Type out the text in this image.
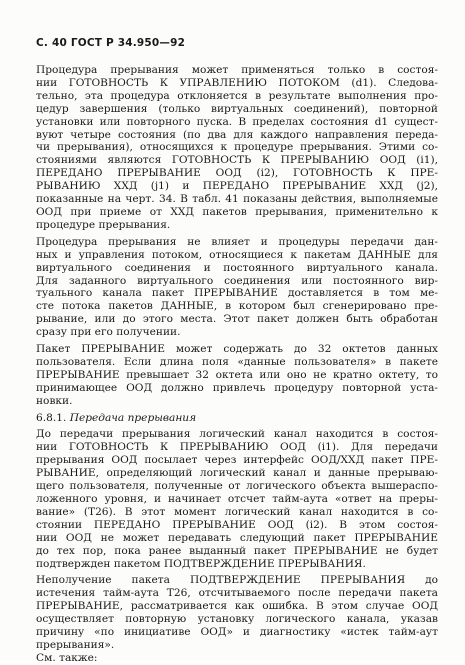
С. 40 ГОСТ Р 34.950—92

Процедура прерывания может применяться только в состоя-
нии ГОТОВНОСТЬ К УПРАВЛЕНИЮ ПОТОКОМ (d1). Следова-
тельно, эта процедура отклоняется в результате выполнения про-
цедур завершения (только виртуальных соединений), повторной
установки или повторного пуска. В пределах состояния d1 сущест-
вуют четыре состояния (по два для каждого направления переда-
чи прерывания), относящихся к процедуре прерывания. Этими со-
стояниями являются ГОТОВНОСТЬ К ПРЕРЫВАНИЮ ООД (i1),
ПЕРЕДАНО ПРЕРЫВАНИЕ ООД (i2), ГОТОВНОСТЬ К ПРЕ-
РЫВАНИЮ ХХД (j1) и ПЕРЕДАНО ПРЕРЫВАНИЕ ХХД (j2),
показанные на черт. 34. В табл. 41 показаны действия, выполняемые
ООД при приеме от ХХД пакетов прерывания, применительно к
процедуре прерывания.

Процедура прерывания не влияет и процедуры передачи дан-
ных и управления потоком, относящиеся к пакетам ДАННЫЕ для
виртуального соединения и постоянного виртуального канала.
Для заданного виртуального соединения или постоянного вир-
туального канала пакет ПРЕРЫВАНИЕ доставляется в том ме-
сте потока пакетов ДАННЫЕ, в котором был сгенерировано пре-
рывание, или до этого места. Этот пакет должен быть обработан
сразу при его получении.

Пакет ПРЕРЫВАНИЕ может содержать до 32 октетов данных
пользователя. Если длина поля «данные пользователя» в пакете
ПРЕРЫВАНИЕ превышает 32 октета или оно не кратно октету, то
принимающее ООД должно привлечь процедуру повторной уста-
новки.

6.8.1. Передача прерывания

До передачи прерывания логический канал находится в состоя-
нии ГОТОВНОСТЬ К ПРЕРЫВАНИЮ ООД (i1). Для передачи
прерывания ООД посылает через интерфейс ООД/ХХД пакет ПРЕ-
РЫВАНИЕ, определяющий логический канал и данные прерываю-
щего пользователя, полученные от логического объекта вышераспо-
ложенного уровня, и начинает отсчет тайм-аута «ответ на преры-
вание» (T26). В этот момент логический канал находится в со-
стоянии ПЕРЕДАНО ПРЕРЫВАНИЕ ООД (i2). В этом состоя-
нии ООД не может передавать следующий пакет ПРЕРЫВАНИЕ
до тех пор, пока ранее выданный пакет ПРЕРЫВАНИЕ не будет
подтвержден пакетом ПОДТВЕРЖДЕНИЕ ПРЕРЫВАНИЯ.

Неполучение пакета ПОДТВЕРЖДЕНИЕ ПРЕРЫВАНИЯ до
истечения тайм-аута T26, отсчитываемого после передачи пакета
ПРЕРЫВАНИЕ, рассматривается как ошибка. В этом случае ООД
осуществляет повторную установку логического канала, указав
причину «по инициативе ООД» и диагностику «истек тайм-аут
прерывания».

См. также:
